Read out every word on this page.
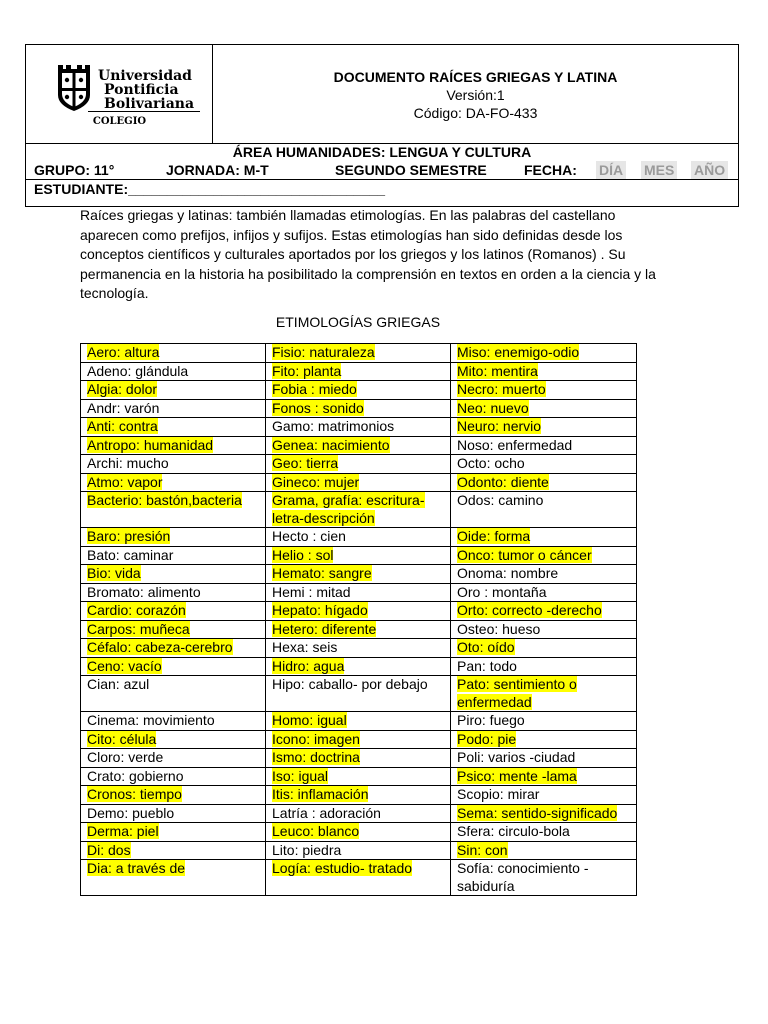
Universidad
Pontificia
Bolivariana
COLEGIO
DOCUMENTO RAÍCES GRIEGAS Y LATINA
Versión:1
Código: DA-FO-433
ÁREA HUMANIDADES: LENGUA Y CULTURA
GRUPO: 11°	JORNADA: M-T	SEGUNDO SEMESTRE	FECHA: DÍA MES AÑO
ESTUDIANTE:_________________________________
Raíces griegas y latinas: también llamadas etimologías. En las palabras del castellano aparecen como prefijos, infijos y sufijos. Estas etimologías han sido definidas desde los conceptos científicos y culturales aportados por los griegos y los latinos (Romanos) . Su permanencia en la historia ha posibilitado la comprensión en textos en orden a la ciencia y la tecnología.
ETIMOLOGÍAS GRIEGAS
Aero: altura	Fisio: naturaleza	Miso: enemigo-odio
Adeno: glándula	Fito: planta	Mito: mentira
Algia: dolor	Fobia : miedo	Necro: muerto
Andr: varón	Fonos : sonido	Neo: nuevo
Anti: contra	Gamo: matrimonios	Neuro: nervio
Antropo: humanidad	Genea: nacimiento	Noso: enfermedad
Archi: mucho	Geo: tierra	Octo: ocho
Atmo: vapor	Gineco: mujer	Odonto: diente
Bacterio: bastón,bacteria	Grama, grafía: escritura-letra-descripción	Odos: camino
Baro: presión	Hecto : cien	Oide: forma
Bato: caminar	Helio : sol	Onco: tumor o cáncer
Bio: vida	Hemato: sangre	Onoma: nombre
Bromato: alimento	Hemi : mitad	Oro : montaña
Cardio: corazón	Hepato: hígado	Orto: correcto -derecho
Carpos: muñeca	Hetero: diferente	Osteo: hueso
Céfalo: cabeza-cerebro	Hexa: seis	Oto: oído
Ceno: vacío	Hidro: agua	Pan: todo
Cian: azul	Hipo: caballo- por debajo	Pato: sentimiento o enfermedad
Cinema: movimiento	Homo: igual	Piro: fuego
Cito: célula	Icono: imagen	Podo: pie
Cloro: verde	Ismo: doctrina	Poli: varios -ciudad
Crato: gobierno	Iso: igual	Psico: mente -lama
Cronos: tiempo	Itis: inflamación	Scopio: mirar
Demo: pueblo	Latría : adoración	Sema: sentido-significado
Derma: piel	Leuco: blanco	Sfera: circulo-bola
Di: dos	Lito: piedra	Sin: con
Dia: a través de	Logía: estudio- tratado	Sofía: conocimiento -sabiduría
